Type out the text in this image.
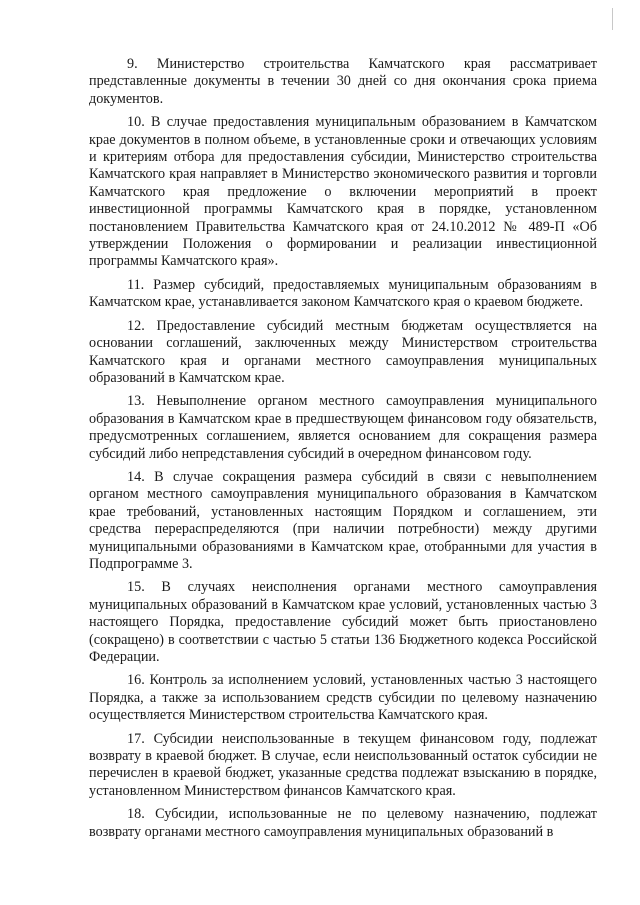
9. Министерство строительства Камчатского края рассматривает представленные документы в течении 30 дней со дня окончания срока приема документов.

10. В случае предоставления муниципальным образованием в Камчатском крае документов в полном объеме, в установленные сроки и отвечающих условиям и критериям отбора для предоставления субсидии, Министерство строительства Камчатского края направляет в Министерство экономического развития и торговли Камчатского края предложение о включении мероприятий в проект инвестиционной программы Камчатского края в порядке, установленном постановлением Правительства Камчатского края от 24.10.2012 № 489-П «Об утверждении Положения о формировании и реализации инвестиционной программы Камчатского края».

11. Размер субсидий, предоставляемых муниципальным образованиям в Камчатском крае, устанавливается законом Камчатского края о краевом бюджете.

12. Предоставление субсидий местным бюджетам осуществляется на основании соглашений, заключенных между Министерством строительства Камчатского края и органами местного самоуправления муниципальных образований в Камчатском крае.

13. Невыполнение органом местного самоуправления муниципального образования в Камчатском крае в предшествующем финансовом году обязательств, предусмотренных соглашением, является основанием для сокращения размера субсидий либо непредставления субсидий в очередном финансовом году.

14. В случае сокращения размера субсидий в связи с невыполнением органом местного самоуправления муниципального образования в Камчатском крае требований, установленных настоящим Порядком и соглашением, эти средства перераспределяются (при наличии потребности) между другими муниципальными образованиями в Камчатском крае, отобранными для участия в Подпрограмме 3.

15. В случаях неисполнения органами местного самоуправления муниципальных образований в Камчатском крае условий, установленных частью 3 настоящего Порядка, предоставление субсидий может быть приостановлено (сокращено) в соответствии с частью 5 статьи 136 Бюджетного кодекса Российской Федерации.

16. Контроль за исполнением условий, установленных частью 3 настоящего Порядка, а также за использованием средств субсидии по целевому назначению осуществляется Министерством строительства Камчатского края.

17. Субсидии неиспользованные в текущем финансовом году, подлежат возврату в краевой бюджет. В случае, если неиспользованный остаток субсидии не перечислен в краевой бюджет, указанные средства подлежат взысканию в порядке, установленном Министерством финансов Камчатского края.

18. Субсидии, использованные не по целевому назначению, подлежат возврату органами местного самоуправления муниципальных образований в
